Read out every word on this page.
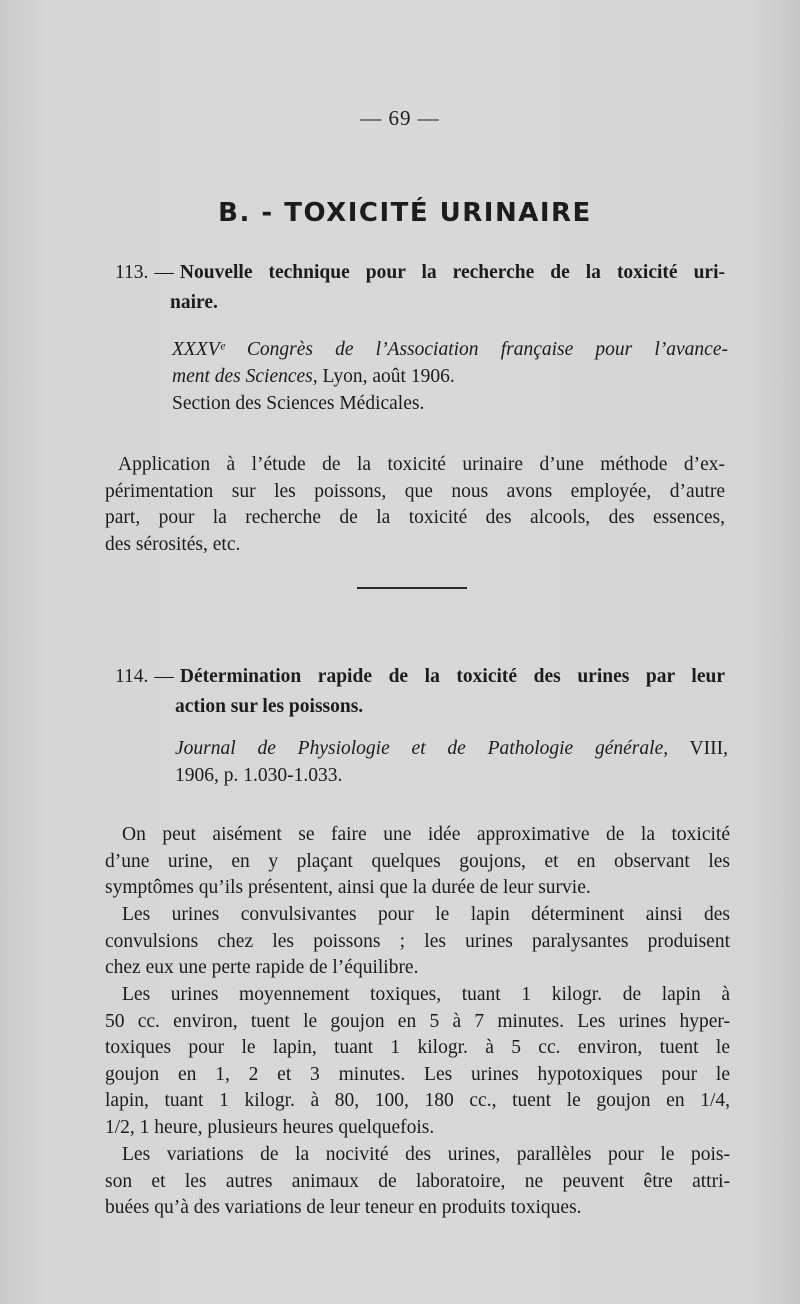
— 69 —
B. - TOXICITÉ URINAIRE
113. — Nouvelle technique pour la recherche de la toxicité uri-
naire.
XXXVᵉ Congrès de l’Association française pour l’avance-
ment des Sciences, Lyon, août 1906.
Section des Sciences Médicales.
Application à l’étude de la toxicité urinaire d’une méthode d’ex-
périmentation sur les poissons, que nous avons employée, d’autre
part, pour la recherche de la toxicité des alcools, des essences,
des sérosités, etc.
114. — Détermination rapide de la toxicité des urines par leur
action sur les poissons.
Journal de Physiologie et de Pathologie générale, VIII,
1906, p. 1.030-1.033.
On peut aisément se faire une idée approximative de la toxicité
d’une urine, en y plaçant quelques goujons, et en observant les
symptômes qu’ils présentent, ainsi que la durée de leur survie.
Les urines convulsivantes pour le lapin déterminent ainsi des
convulsions chez les poissons ; les urines paralysantes produisent
chez eux une perte rapide de l’équilibre.
Les urines moyennement toxiques, tuant 1 kilogr. de lapin à
50 cc. environ, tuent le goujon en 5 à 7 minutes. Les urines hyper-
toxiques pour le lapin, tuant 1 kilogr. à 5 cc. environ, tuent le
goujon en 1, 2 et 3 minutes. Les urines hypotoxiques pour le
lapin, tuant 1 kilogr. à 80, 100, 180 cc., tuent le goujon en 1/4,
1/2, 1 heure, plusieurs heures quelquefois.
Les variations de la nocivité des urines, parallèles pour le pois-
son et les autres animaux de laboratoire, ne peuvent être attri-
buées qu’à des variations de leur teneur en produits toxiques.
